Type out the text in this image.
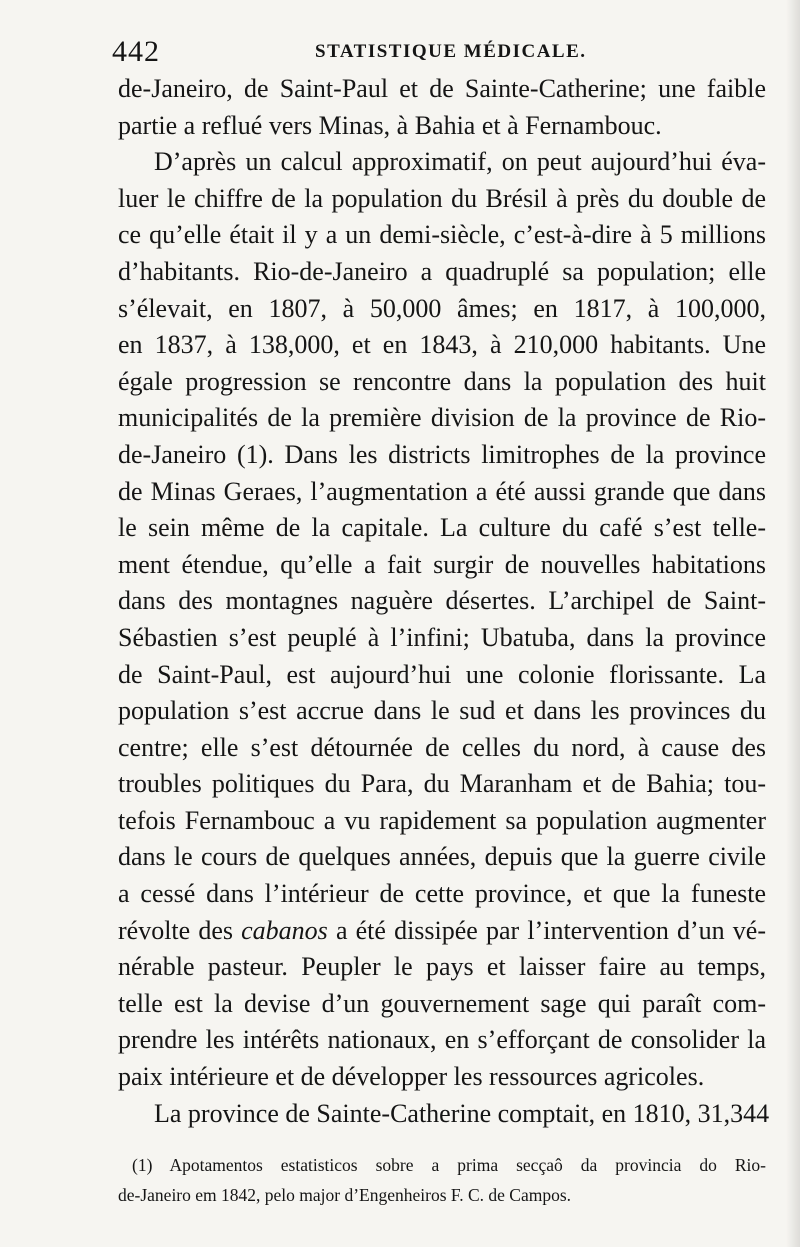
442	STATISTIQUE MÉDICALE.
de-Janeiro, de Saint-Paul et de Sainte-Catherine; une faible
partie a reflué vers Minas, à Bahia et à Fernambouc.
D’après un calcul approximatif, on peut aujourd’hui éva-
luer le chiffre de la population du Brésil à près du double de
ce qu’elle était il y a un demi-siècle, c’est-à-dire à 5 millions
d’habitants. Rio-de-Janeiro a quadruplé sa population; elle
s’élevait, en 1807, à 50,000 âmes; en 1817, à 100,000,
en 1837, à 138,000, et en 1843, à 210,000 habitants. Une
égale progression se rencontre dans la population des huit
municipalités de la première division de la province de Rio-
de-Janeiro (1). Dans les districts limitrophes de la province
de Minas Geraes, l’augmentation a été aussi grande que dans
le sein même de la capitale. La culture du café s’est telle-
ment étendue, qu’elle a fait surgir de nouvelles habitations
dans des montagnes naguère désertes. L’archipel de Saint-
Sébastien s’est peuplé à l’infini; Ubatuba, dans la province
de Saint-Paul, est aujourd’hui une colonie florissante. La
population s’est accrue dans le sud et dans les provinces du
centre; elle s’est détournée de celles du nord, à cause des
troubles politiques du Para, du Maranham et de Bahia; tou-
tefois Fernambouc a vu rapidement sa population augmenter
dans le cours de quelques années, depuis que la guerre civile
a cessé dans l’intérieur de cette province, et que la funeste
révolte des cabanos a été dissipée par l’intervention d’un vé-
nérable pasteur. Peupler le pays et laisser faire au temps,
telle est la devise d’un gouvernement sage qui paraît com-
prendre les intérêts nationaux, en s’efforçant de consolider la
paix intérieure et de développer les ressources agricoles.
La province de Sainte-Catherine comptait, en 1810, 31,344
(1) Apotamentos estatisticos sobre a prima secçaô da provincia do Rio-
de-Janeiro em 1842, pelo major d’Engenheiros F. C. de Campos.
